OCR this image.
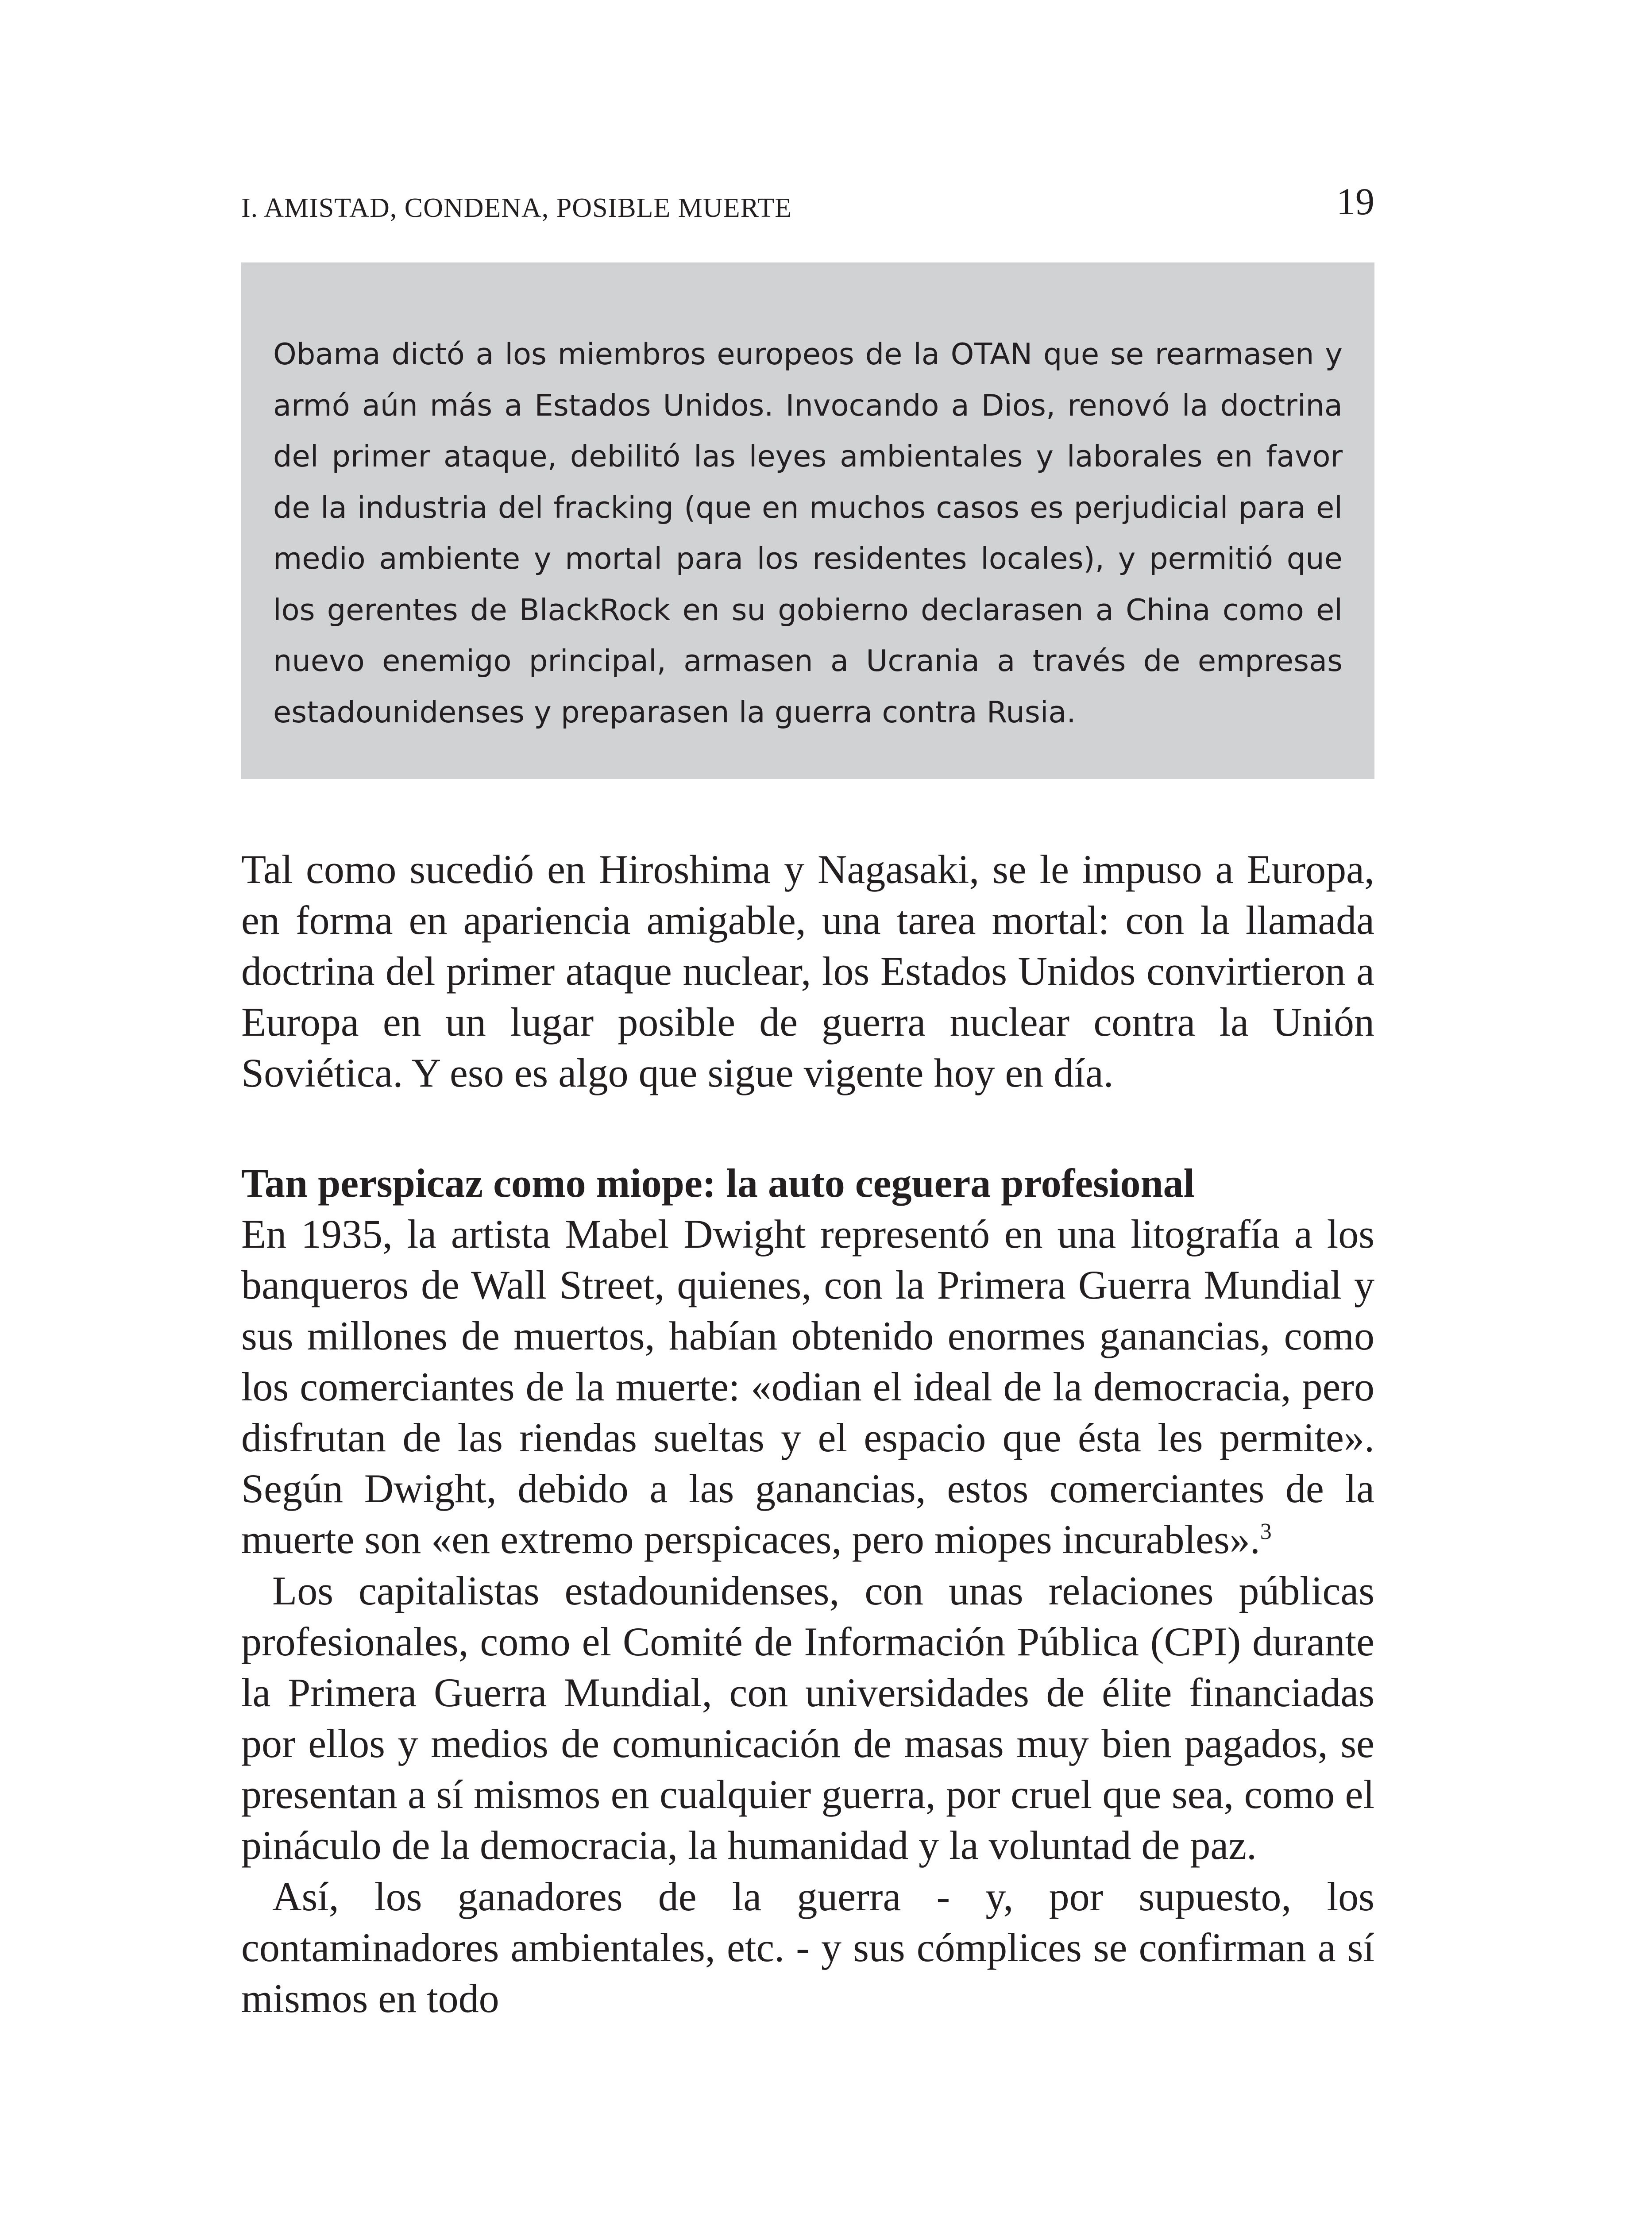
I. AMISTAD, CONDENA, POSIBLE MUERTE	19

Obama dictó a los miembros europeos de la OTAN que se rearmasen y armó aún más a Estados Unidos. Invocando a Dios, renovó la doctrina del primer ataque, debilitó las leyes ambientales y laborales en favor de la industria del fracking (que en muchos casos es perjudicial para el medio ambiente y mortal para los residentes locales), y permitió que los gerentes de BlackRock en su gobierno declarasen a China como el nuevo enemigo principal, armasen a Ucrania a través de empresas estadounidenses y preparasen la guerra contra Rusia.

Tal como sucedió en Hiroshima y Nagasaki, se le impuso a Europa, en forma en apariencia amigable, una tarea mortal: con la llamada doctrina del primer ataque nuclear, los Estados Unidos convirtieron a Europa en un lugar posible de guerra nuclear contra la Unión Soviética. Y eso es algo que sigue vigente hoy en día.

Tan perspicaz como miope: la auto ceguera profesional

En 1935, la artista Mabel Dwight representó en una litografía a los banqueros de Wall Street, quienes, con la Primera Guerra Mundial y sus millones de muertos, habían obtenido enormes ganancias, como los comerciantes de la muerte: «odian el ideal de la democracia, pero disfrutan de las riendas sueltas y el espacio que ésta les permite». Según Dwight, debido a las ganancias, estos comerciantes de la muerte son «en extremo perspicaces, pero miopes incurables».$^3$

Los capitalistas estadounidenses, con unas relaciones públicas profesionales, como el Comité de Información Pública (CPI) durante la Primera Guerra Mundial, con universidades de élite financiadas por ellos y medios de comunicación de masas muy bien pagados, se presentan a sí mismos en cualquier guerra, por cruel que sea, como el pináculo de la democracia, la humanidad y la voluntad de paz.

Así, los ganadores de la guerra - y, por supuesto, los contaminadores ambientales, etc. - y sus cómplices se confirman a sí mismos en todo
